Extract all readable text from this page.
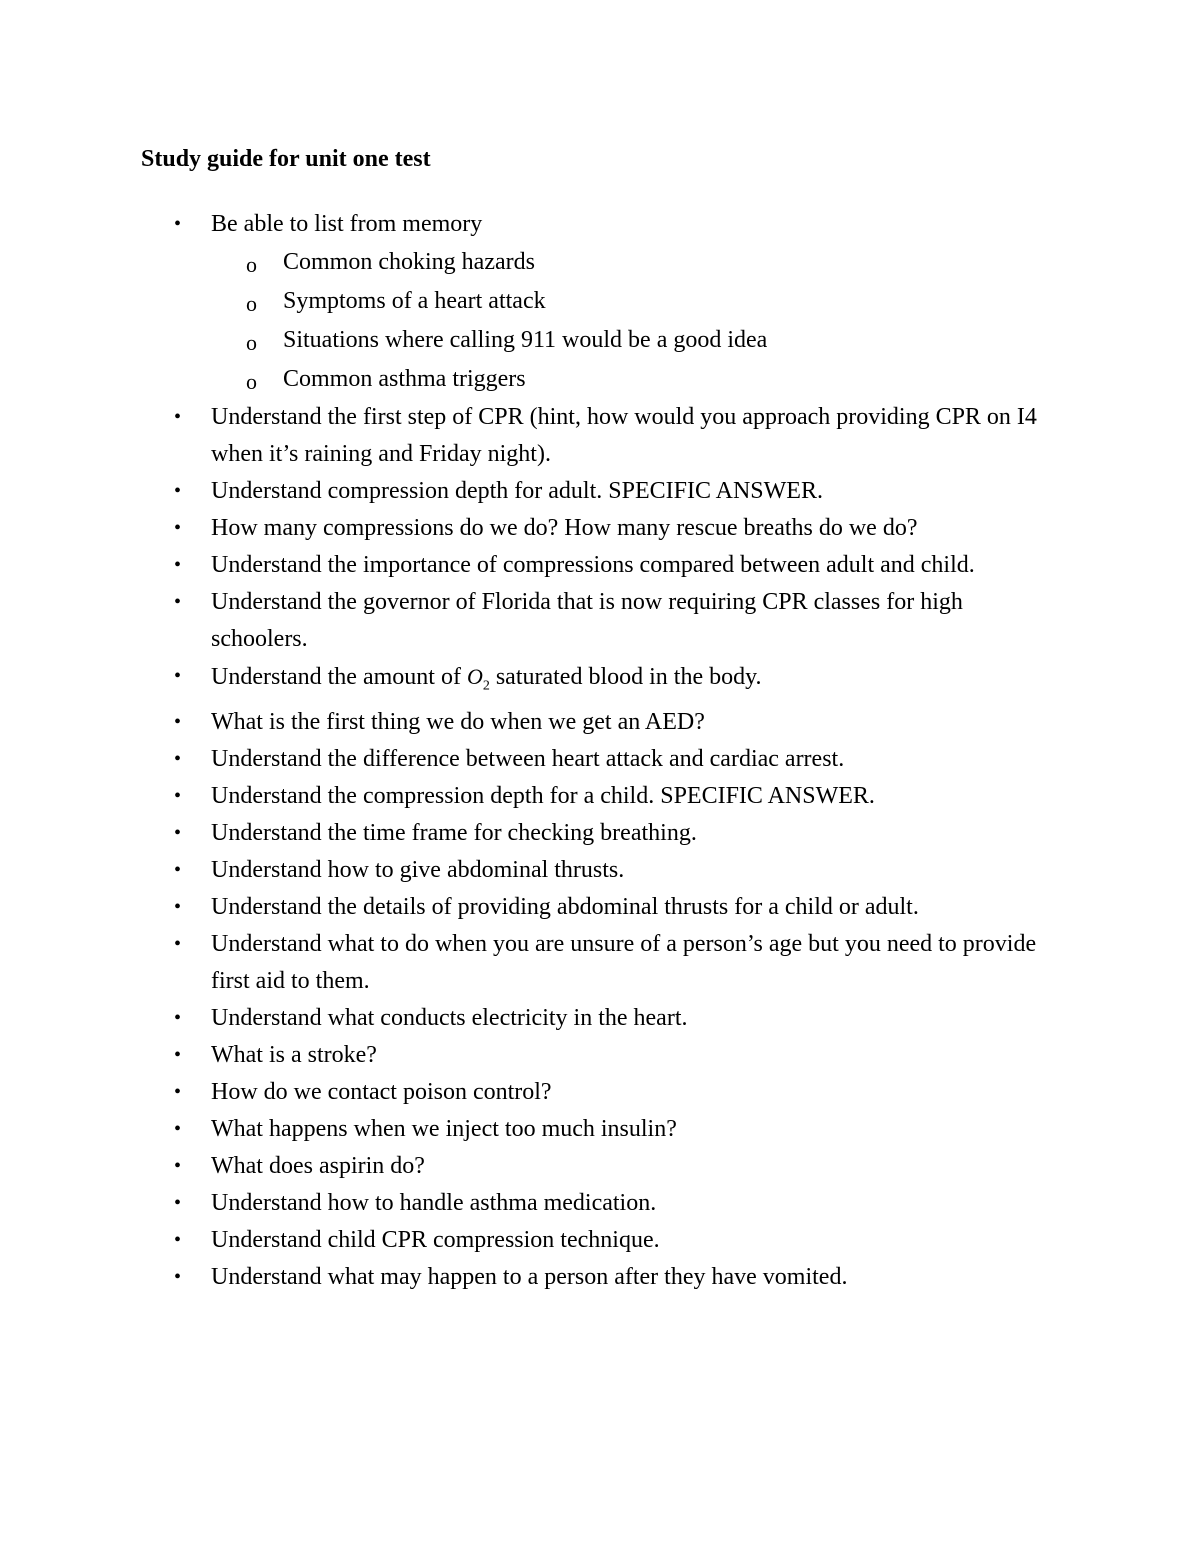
Study guide for unit one test
• Be able to list from memory
o Common choking hazards
o Symptoms of a heart attack
o Situations where calling 911 would be a good idea
o Common asthma triggers
• Understand the first step of CPR (hint, how would you approach providing CPR on I4 when it’s raining and Friday night).
• Understand compression depth for adult. SPECIFIC ANSWER.
• How many compressions do we do? How many rescue breaths do we do?
• Understand the importance of compressions compared between adult and child.
• Understand the governor of Florida that is now requiring CPR classes for high schoolers.
• Understand the amount of $O_2$ saturated blood in the body.
• What is the first thing we do when we get an AED?
• Understand the difference between heart attack and cardiac arrest.
• Understand the compression depth for a child. SPECIFIC ANSWER.
• Understand the time frame for checking breathing.
• Understand how to give abdominal thrusts.
• Understand the details of providing abdominal thrusts for a child or adult.
• Understand what to do when you are unsure of a person’s age but you need to provide first aid to them.
• Understand what conducts electricity in the heart.
• What is a stroke?
• How do we contact poison control?
• What happens when we inject too much insulin?
• What does aspirin do?
• Understand how to handle asthma medication.
• Understand child CPR compression technique.
• Understand what may happen to a person after they have vomited.
